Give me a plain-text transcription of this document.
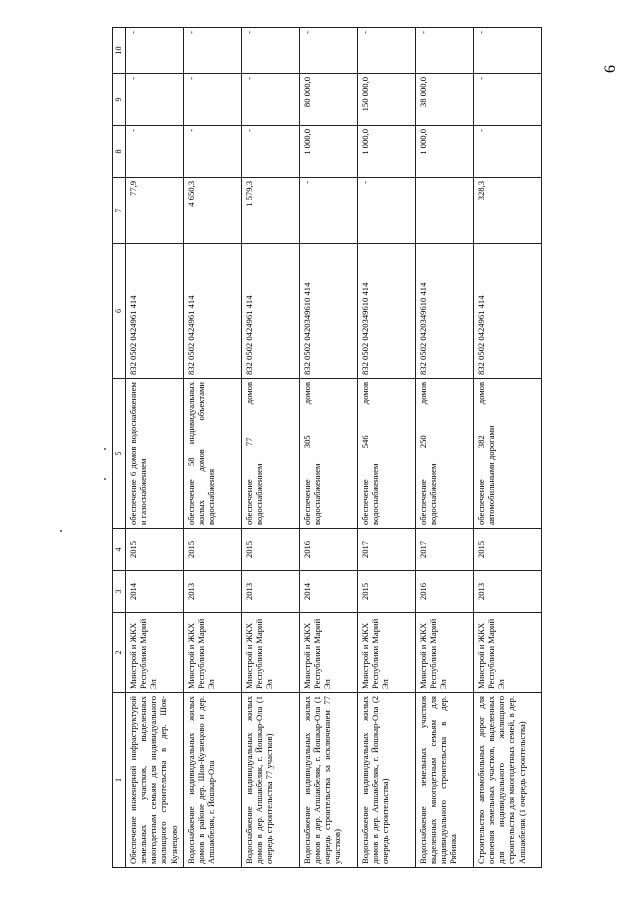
6
1	2	3	4	5	6	7	8	9	10
Обеспечение инженерной инфраструктурой земельных участков, выделенных многодетным семьям для индивидуального жилищного строительства в дер. Шоя-Кузнецово	Минстрой и ЖКХ Республики Марий Эл	2014	2015	обеспечение 6 домов водоснабжением и газоснабжением	832 0502 0424961 414	77,9	-	-	-
Водоснабжение индивидуальных жилых домов в районе дер. Шоя-Кузнецово и дер. Апшакбеляк, г. Йошкар-Ола	Минстрой и ЖКХ Республики Марий Эл	2013	2015	обеспечение 58 индивидуальных жилых домов объектами водоснабжения	832 0502 0424961 414	4 650,3	-	-	-
Водоснабжение индивидуальных жилых домов в дер. Апшакбеляк, г. Йошкар-Ола (1 очередь строительства 77 участков)	Минстрой и ЖКХ Республики Марий Эл	2013	2015	обеспечение 77 домов водоснабжением	832 0502 0424961 414	1 579,3	-	-	-
Водоснабжение индивидуальных жилых домов в дер. Апшакбеляк, г. Йошкар-Ола (1 очередь строительства за исключением 77 участков)	Минстрой и ЖКХ Республики Марий Эл	2014	2016	обеспечение 305 домов водоснабжением	832 0502 0420349610 414	-	1 000,0	80 000,0	-
Водоснабжение индивидуальных жилых домов в дер. Апшакбеляк, г. Йошкар-Ола (2 очередь строительства)	Минстрой и ЖКХ Республики Марий Эл	2015	2017	обеспечение 546 домов водоснабжением	832 0502 0420349610 414	-	1 000,0	150 000,0	-
Водоснабжение земельных участков выделенных многодетным семьям для индивидуального строительства в дер. Рябинка	Минстрой и ЖКХ Республики Марий Эл	2016	2017	обеспечение 250 домов водоснабжением	832 0502 0420349610 414		1 000,0	38 000,0	-
Строительство автомобильных дорог для освоения земельных участков, выделенных для индивидуального жилищного строительства для многодетных семей, в дер. Апшакбеляк (1 очередь строительства)	Минстрой и ЖКХ Республики Марий Эл	2013	2015	обеспечение 382 домов автомобильными дорогами	832 0502 0424961 414	328,3	-	-	-
